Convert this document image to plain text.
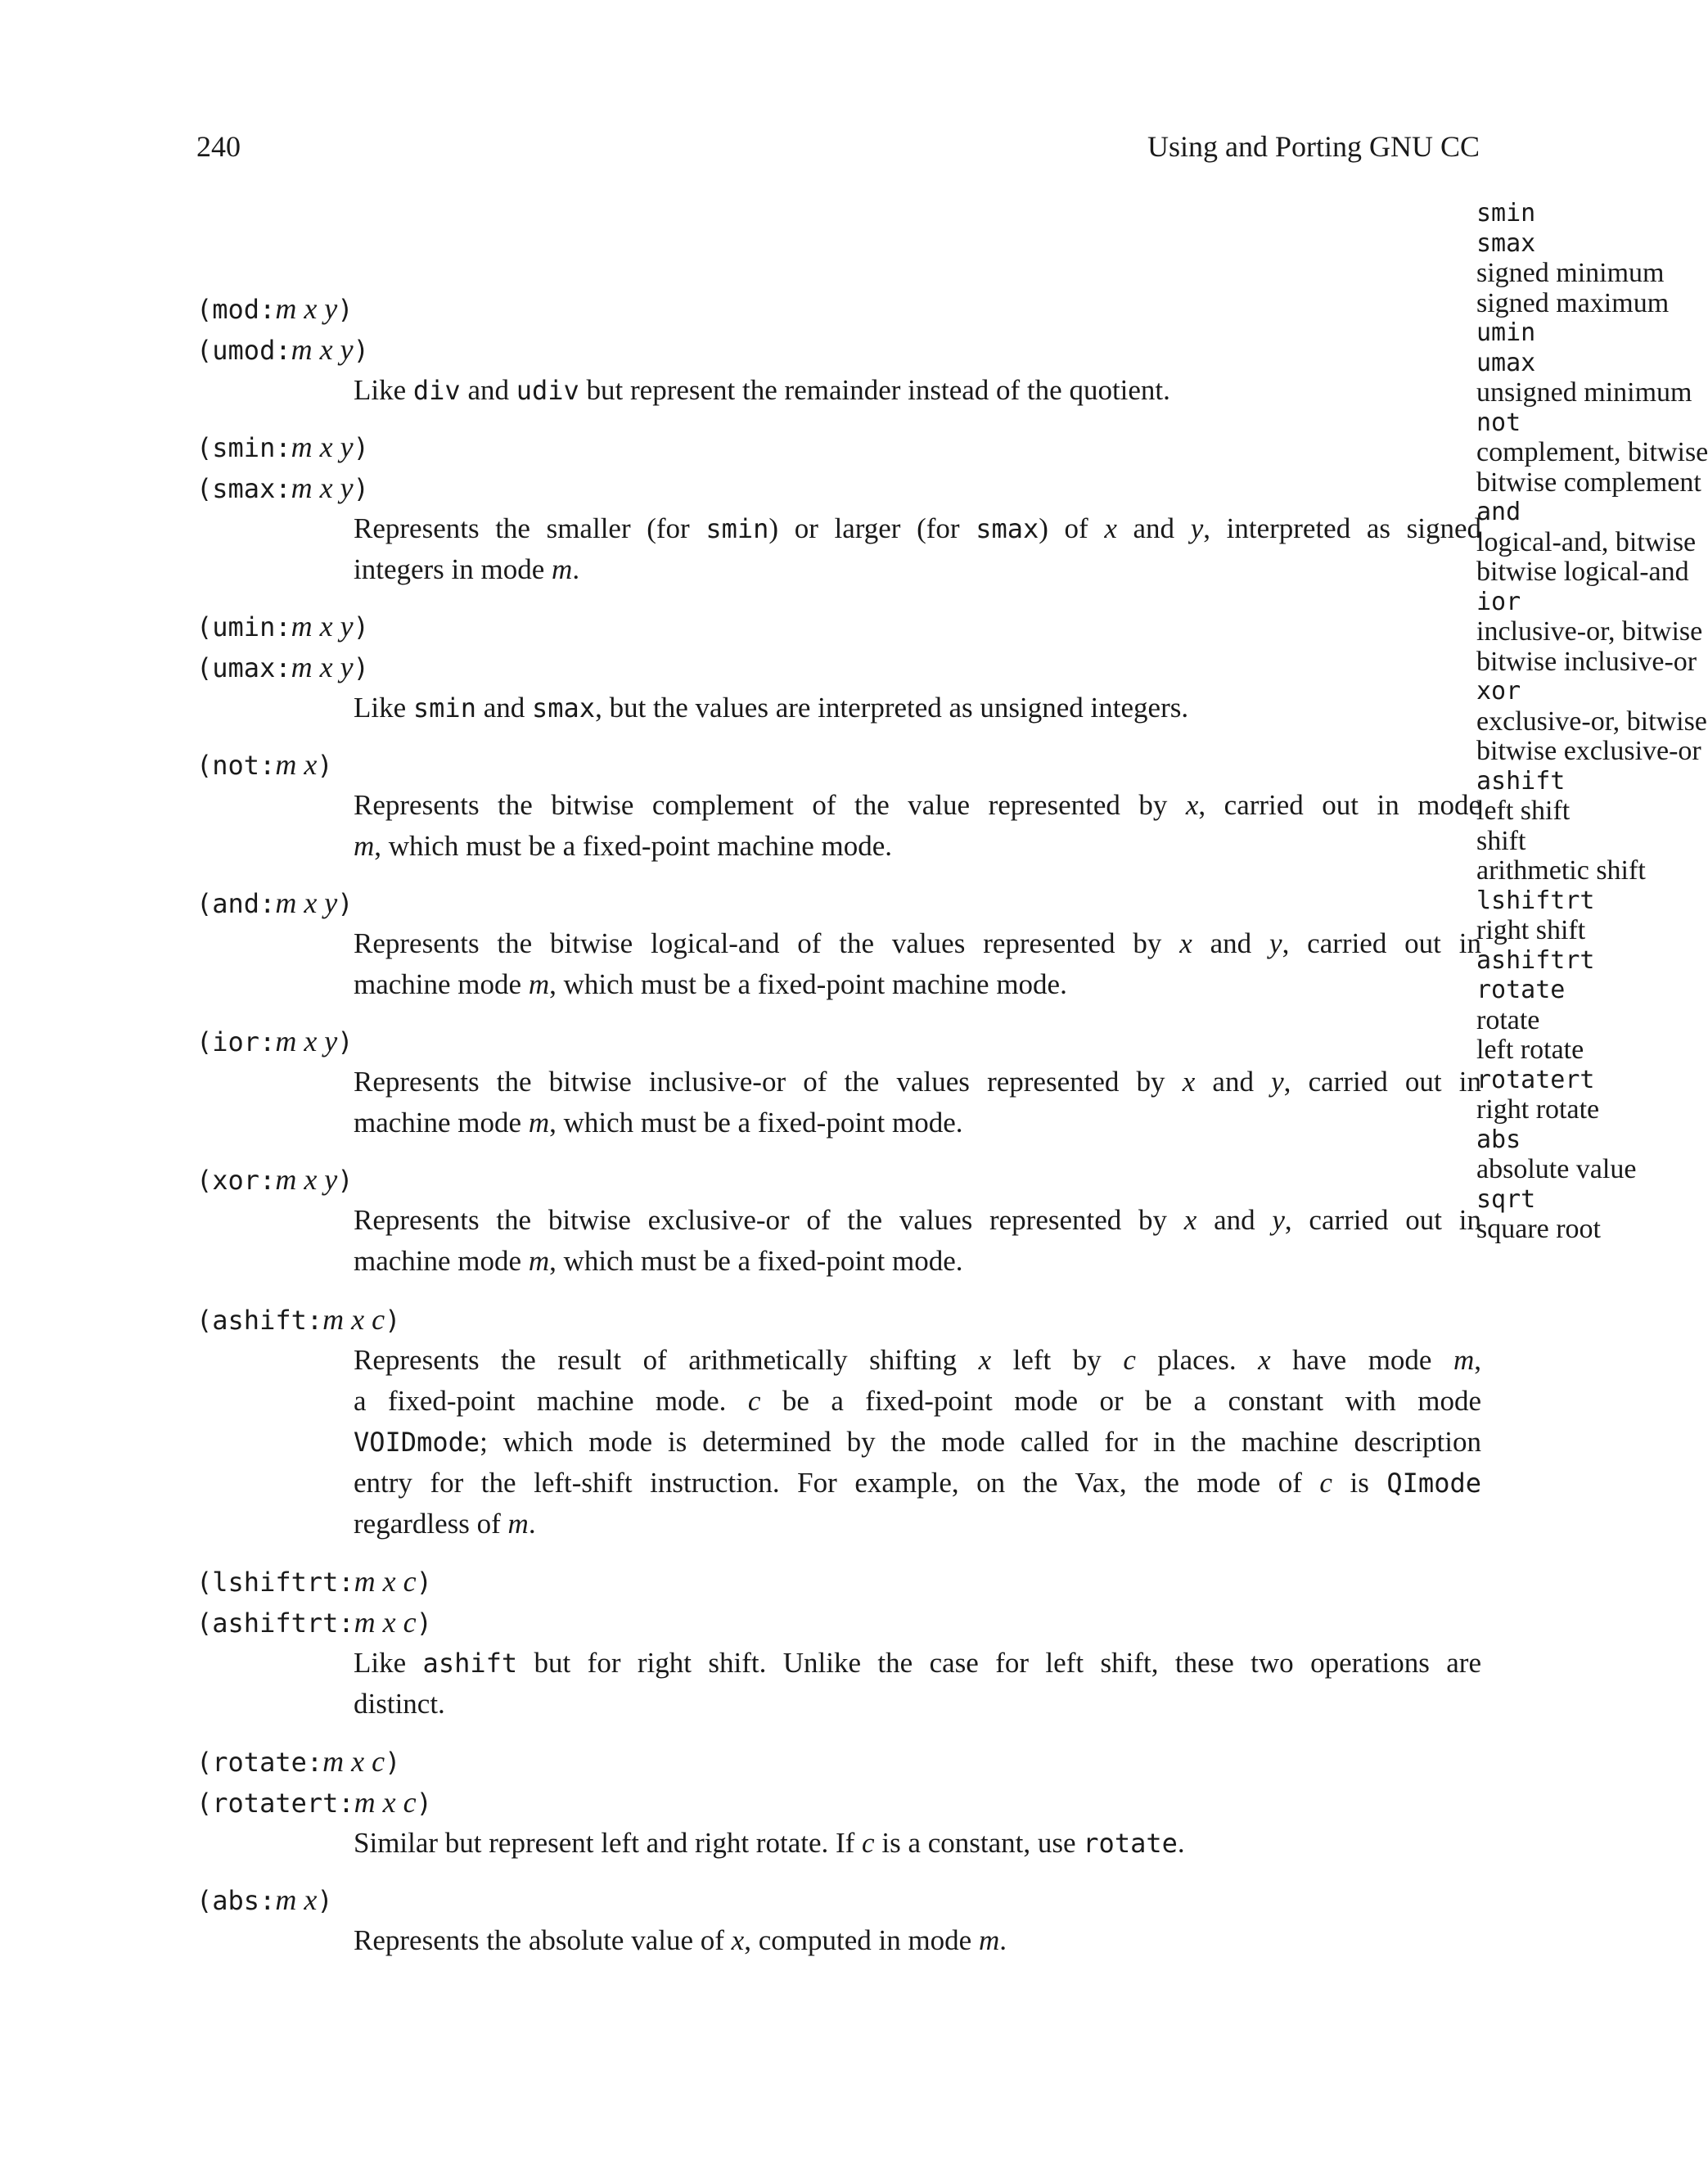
240	Using and Porting GNU CC
(mod:m x y)
(umod:m x y)
Like div and udiv but represent the remainder instead of the quotient.
(smin:m x y)
(smax:m x y)
Represents the smaller (for smin) or larger (for smax) of x and y, interpreted as signed
integers in mode m.
(umin:m x y)
(umax:m x y)
Like smin and smax, but the values are interpreted as unsigned integers.
(not:m x)
Represents the bitwise complement of the value represented by x, carried out in mode
m, which must be a fixed-point machine mode.
(and:m x y)
Represents the bitwise logical-and of the values represented by x and y, carried out in
machine mode m, which must be a fixed-point machine mode.
(ior:m x y)
Represents the bitwise inclusive-or of the values represented by x and y, carried out in
machine mode m, which must be a fixed-point mode.
(xor:m x y)
Represents the bitwise exclusive-or of the values represented by x and y, carried out in
machine mode m, which must be a fixed-point mode.
(ashift:m x c)
Represents the result of arithmetically shifting x left by c places. x have mode m,
a fixed-point machine mode. c be a fixed-point mode or be a constant with mode
VOIDmode; which mode is determined by the mode called for in the machine description
entry for the left-shift instruction. For example, on the Vax, the mode of c is QImode
regardless of m.
(lshiftrt:m x c)
(ashiftrt:m x c)
Like ashift but for right shift. Unlike the case for left shift, these two operations are
distinct.
(rotate:m x c)
(rotatert:m x c)
Similar but represent left and right rotate. If c is a constant, use rotate.
(abs:m x)
Represents the absolute value of x, computed in mode m.
smin
smax
signed minimum
signed maximum
umin
umax
unsigned minimum
not
complement, bitwise
bitwise complement
and
logical-and, bitwise
bitwise logical-and
ior
inclusive-or, bitwise
bitwise inclusive-or
xor
exclusive-or, bitwise
bitwise exclusive-or
ashift
left shift
shift
arithmetic shift
lshiftrt
right shift
ashiftrt
rotate
rotate
left rotate
rotatert
right rotate
abs
absolute value
sqrt
square root
